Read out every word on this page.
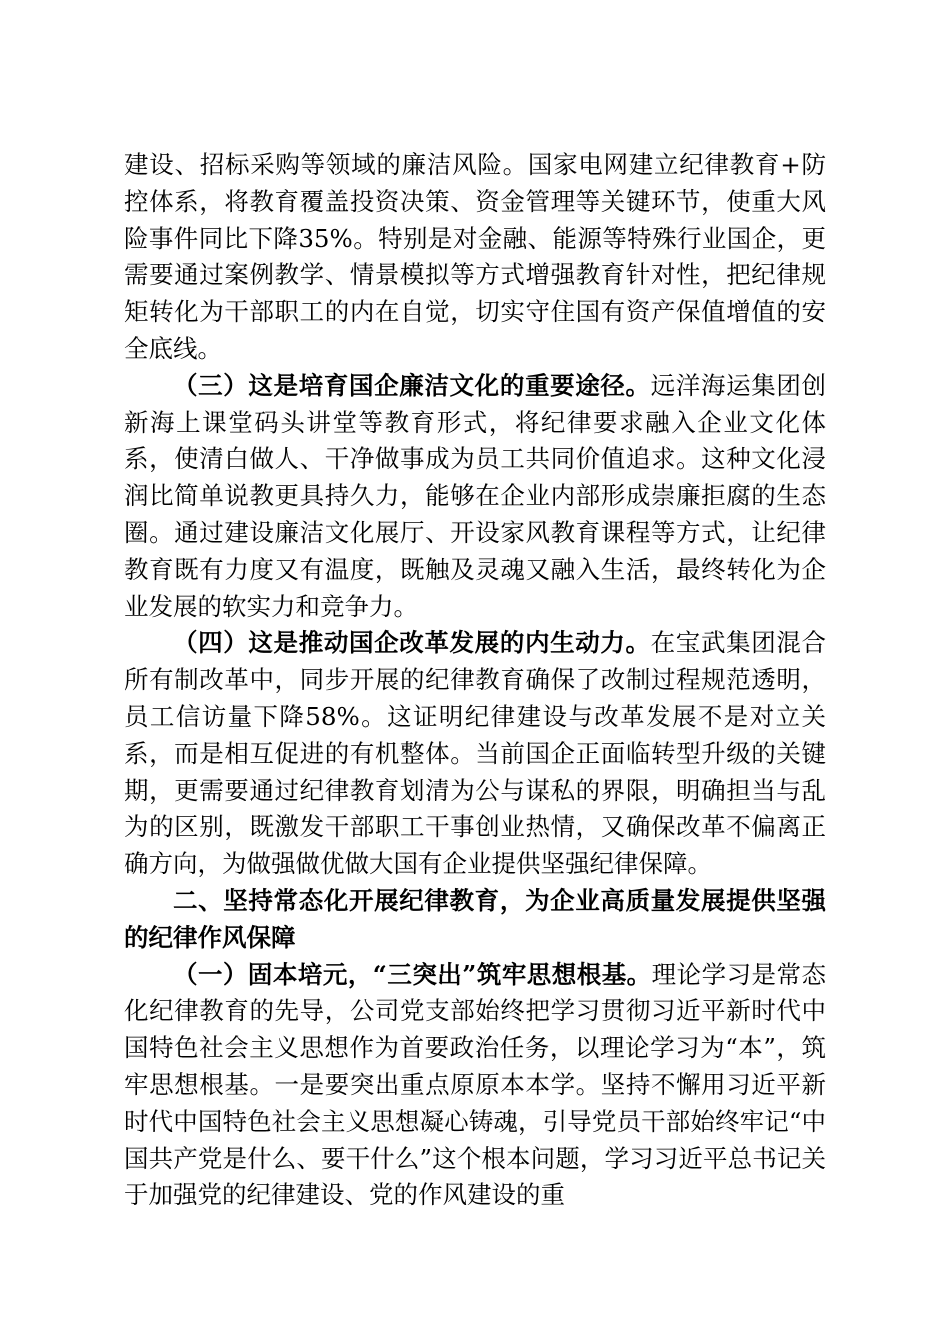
建设、招标采购等领域的廉洁风险。国家电网建立纪律教育+防控体系，将教育覆盖投资决策、资金管理等关键环节，使重大风险事件同比下降35%。特别是对金融、能源等特殊行业国企，更需要通过案例教学、情景模拟等方式增强教育针对性，把纪律规矩转化为干部职工的内在自觉，切实守住国有资产保值增值的安全底线。

（三）这是培育国企廉洁文化的重要途径。远洋海运集团创新海上课堂码头讲堂等教育形式，将纪律要求融入企业文化体系，使清白做人、干净做事成为员工共同价值追求。这种文化浸润比简单说教更具持久力，能够在企业内部形成崇廉拒腐的生态圈。通过建设廉洁文化展厅、开设家风教育课程等方式，让纪律教育既有力度又有温度，既触及灵魂又融入生活，最终转化为企业发展的软实力和竞争力。

（四）这是推动国企改革发展的内生动力。在宝武集团混合所有制改革中，同步开展的纪律教育确保了改制过程规范透明，员工信访量下降58%。这证明纪律建设与改革发展不是对立关系，而是相互促进的有机整体。当前国企正面临转型升级的关键期，更需要通过纪律教育划清为公与谋私的界限，明确担当与乱为的区别，既激发干部职工干事创业热情，又确保改革不偏离正确方向，为做强做优做大国有企业提供坚强纪律保障。

二、坚持常态化开展纪律教育，为企业高质量发展提供坚强的纪律作风保障

（一）固本培元，“三突出”筑牢思想根基。理论学习是常态化纪律教育的先导，公司党支部始终把学习贯彻习近平新时代中国特色社会主义思想作为首要政治任务，以理论学习为“本”，筑牢思想根基。一是要突出重点原原本本学。坚持不懈用习近平新时代中国特色社会主义思想凝心铸魂，引导党员干部始终牢记“中国共产党是什么、要干什么”这个根本问题，学习习近平总书记关于加强党的纪律建设、党的作风建设的重
